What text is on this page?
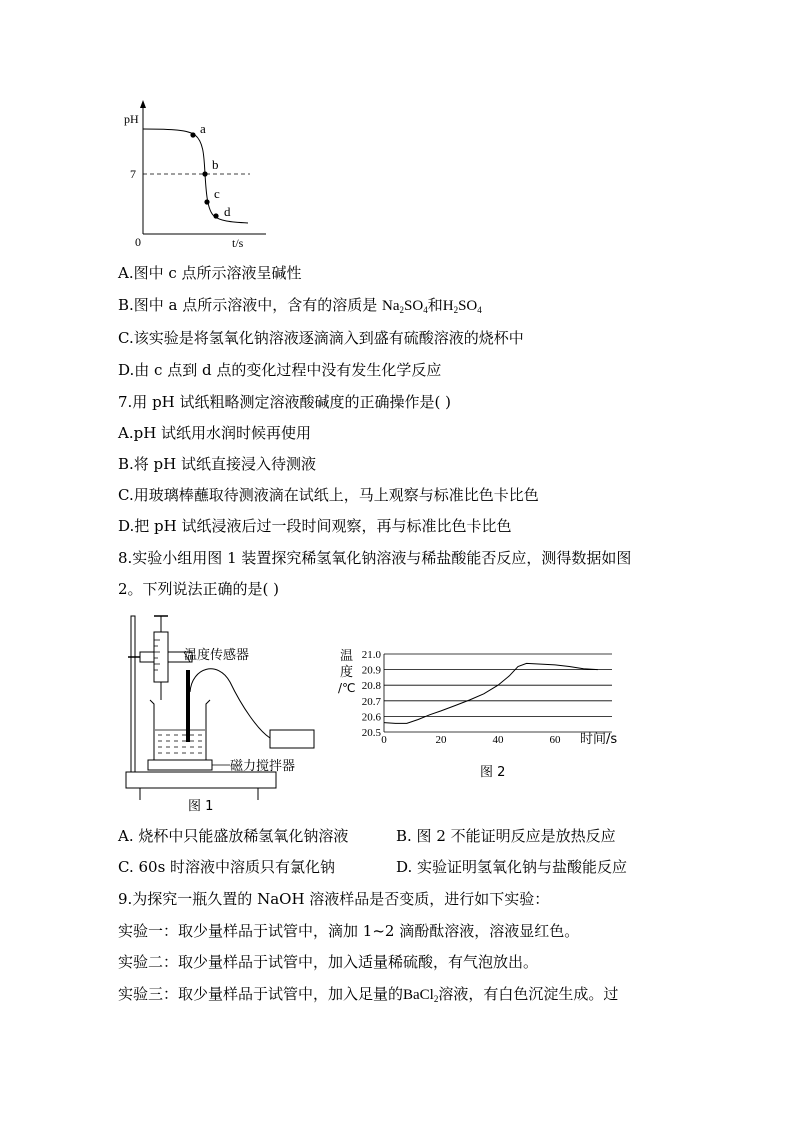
pH
7
0	t/s
a
b
c
d
A.图中 c 点所示溶液呈碱性
B.图中 a 点所示溶液中，含有的溶质是 $Na_2SO_4$和$H_2SO_4$
C.该实验是将氢氧化钠溶液逐滴滴入到盛有硫酸溶液的烧杯中
D.由 c 点到 d 点的变化过程中没有发生化学反应
7.用 pH 试纸粗略测定溶液酸碱度的正确操作是( )
A.pH 试纸用水润时候再使用
B.将 pH 试纸直接浸入待测液
C.用玻璃棒蘸取待测液滴在试纸上，马上观察与标准比色卡比色
D.把 pH 试纸浸液后过一段时间观察，再与标准比色卡比色
8.实验小组用图 1 装置探究稀氢氧化钠溶液与稀盐酸能否反应，测得数据如图
2。下列说法正确的是( )
温度传感器
磁力搅拌器
图 1
21.0
20.9
20.8
20.7
20.6
20.5
0	20	40	60
温
度
/℃
时间/s
图 2
A. 烧杯中只能盛放稀氢氧化钠溶液	B. 图 2 不能证明反应是放热反应
C. 60s 时溶液中溶质只有氯化钠	D. 实验证明氢氧化钠与盐酸能反应
9.为探究一瓶久置的 NaOH 溶液样品是否变质，进行如下实验：
实验一：取少量样品于试管中，滴加 1~2 滴酚酞溶液，溶液显红色。
实验二：取少量样品于试管中，加入适量稀硫酸，有气泡放出。
实验三：取少量样品于试管中，加入足量的BaCl$_2$溶液，有白色沉淀生成。过
